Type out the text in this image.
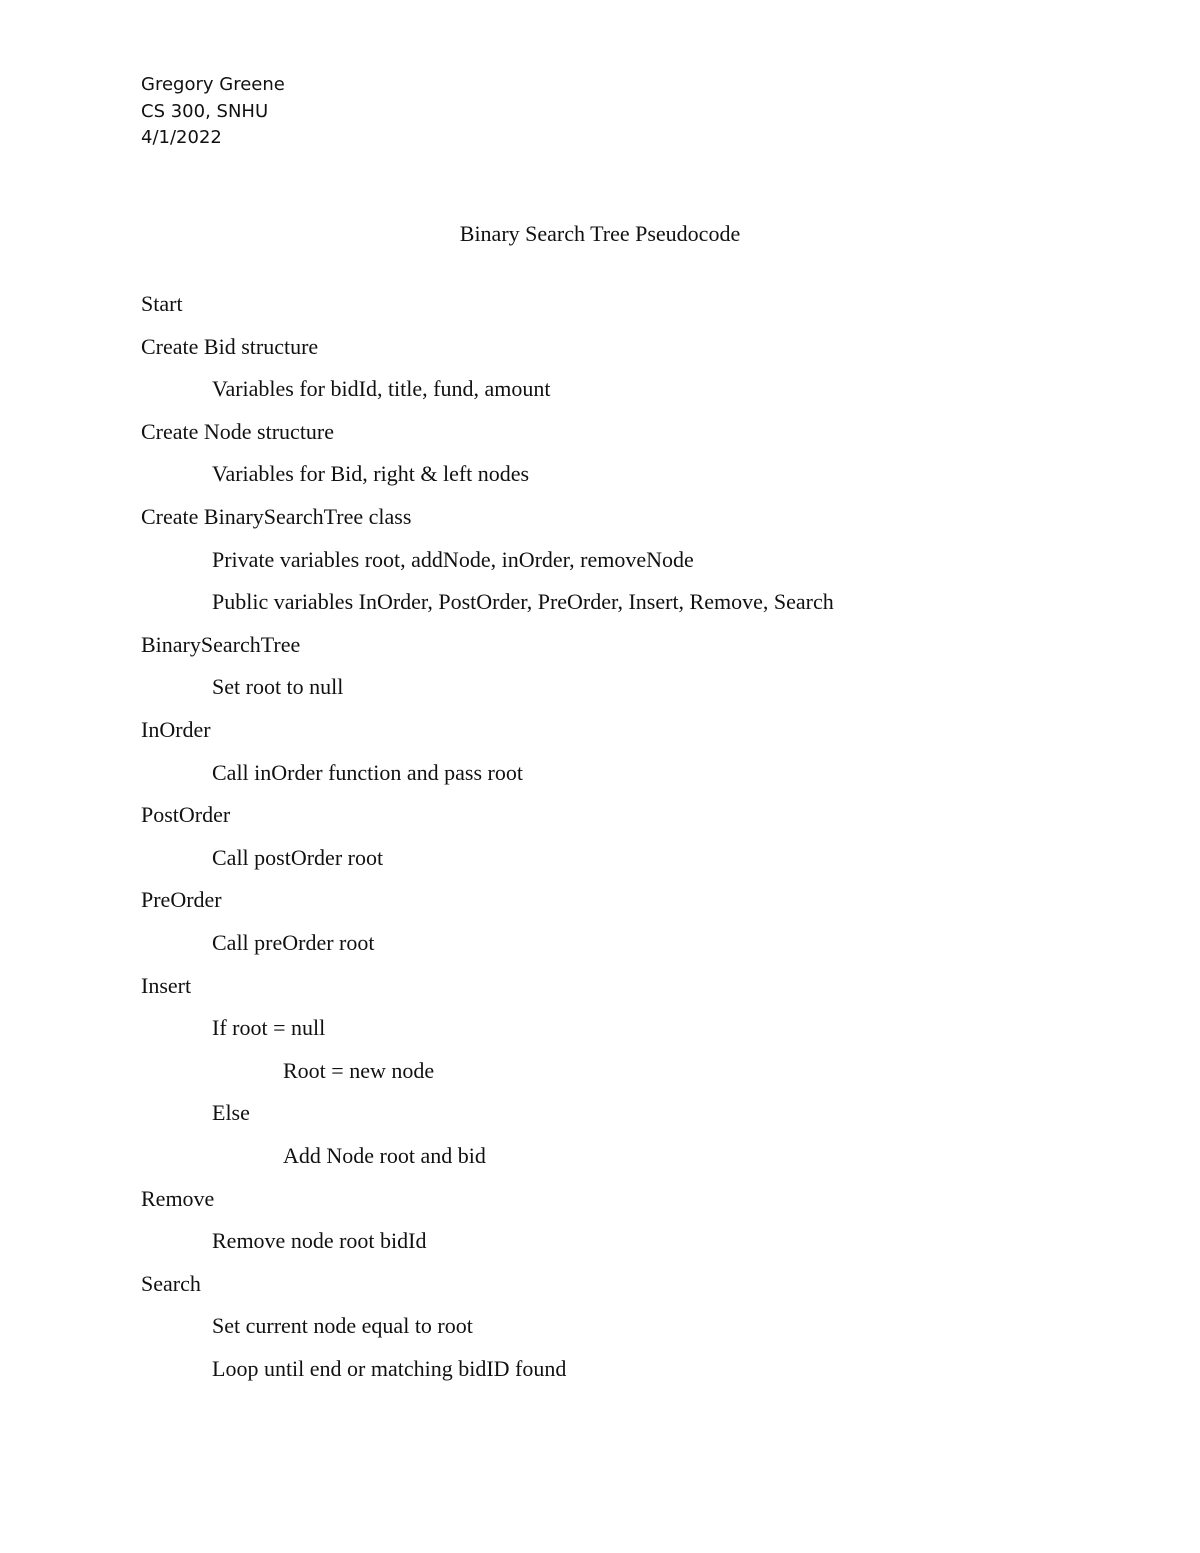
Gregory Greene
CS 300, SNHU
4/1/2022
Binary Search Tree Pseudocode
Start
Create Bid structure
Variables for bidId, title, fund, amount
Create Node structure
Variables for Bid, right & left nodes
Create BinarySearchTree class
Private variables root, addNode, inOrder, removeNode
Public variables InOrder, PostOrder, PreOrder, Insert, Remove, Search
BinarySearchTree
Set root to null
InOrder
Call inOrder function and pass root
PostOrder
Call postOrder root
PreOrder
Call preOrder root
Insert
If root = null
Root = new node
Else
Add Node root and bid
Remove
Remove node root bidId
Search
Set current node equal to root
Loop until end or matching bidID found
